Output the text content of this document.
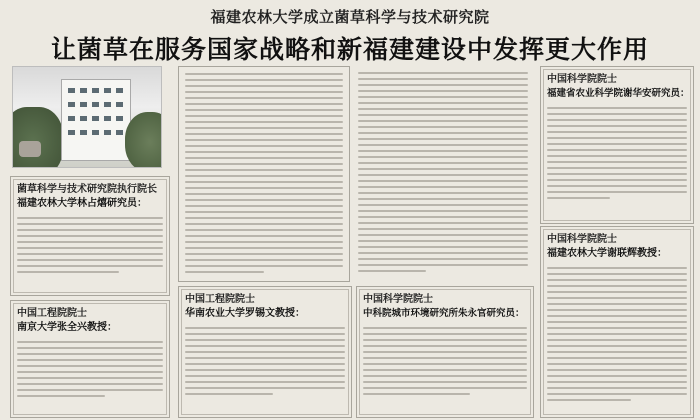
福建农林大学成立菌草科学与技术研究院
让菌草在服务国家战略和新福建建设中发挥更大作用
菌草科学与技术研究院执行院长
福建农林大学林占熺研究员：
中国工程院院士
南京大学张全兴教授：
中国工程院院士
华南农业大学罗锡文教授：
中国科学院院士
中科院城市环境研究所朱永官研究员：
中国科学院院士
福建省农业科学院谢华安研究员：
中国科学院院士
福建农林大学谢联辉教授：
